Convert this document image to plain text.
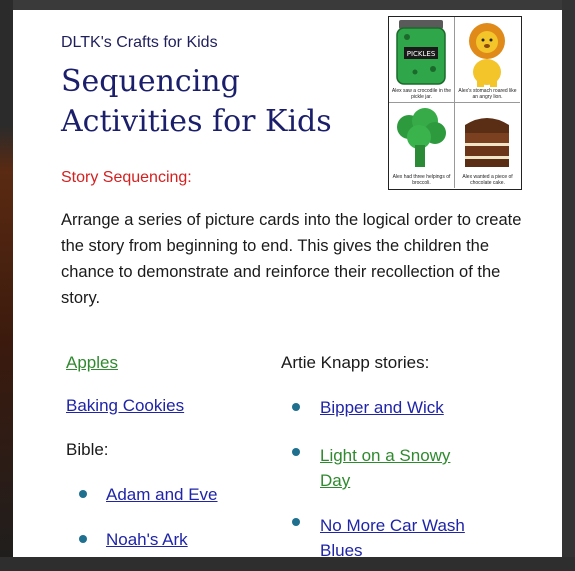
DLTK's Crafts for Kids
Sequencing Activities for Kids
PICKLES
Alex saw a crocodile in the pickle jar.
Alex's stomach roared like an angry lion.
Alex had three helpings of broccoli.
Alex wanted a piece of chocolate cake.
Story Sequencing:
Arrange a series of picture cards into the logical order to create the story from beginning to end. This gives the children the chance to demonstrate and reinforce their recollection of the story.
Apples
Baking Cookies
Bible:
Adam and Eve
Noah's Ark
Artie Knapp stories:
Bipper and Wick
Light on a Snowy Day
No More Car Wash Blues
